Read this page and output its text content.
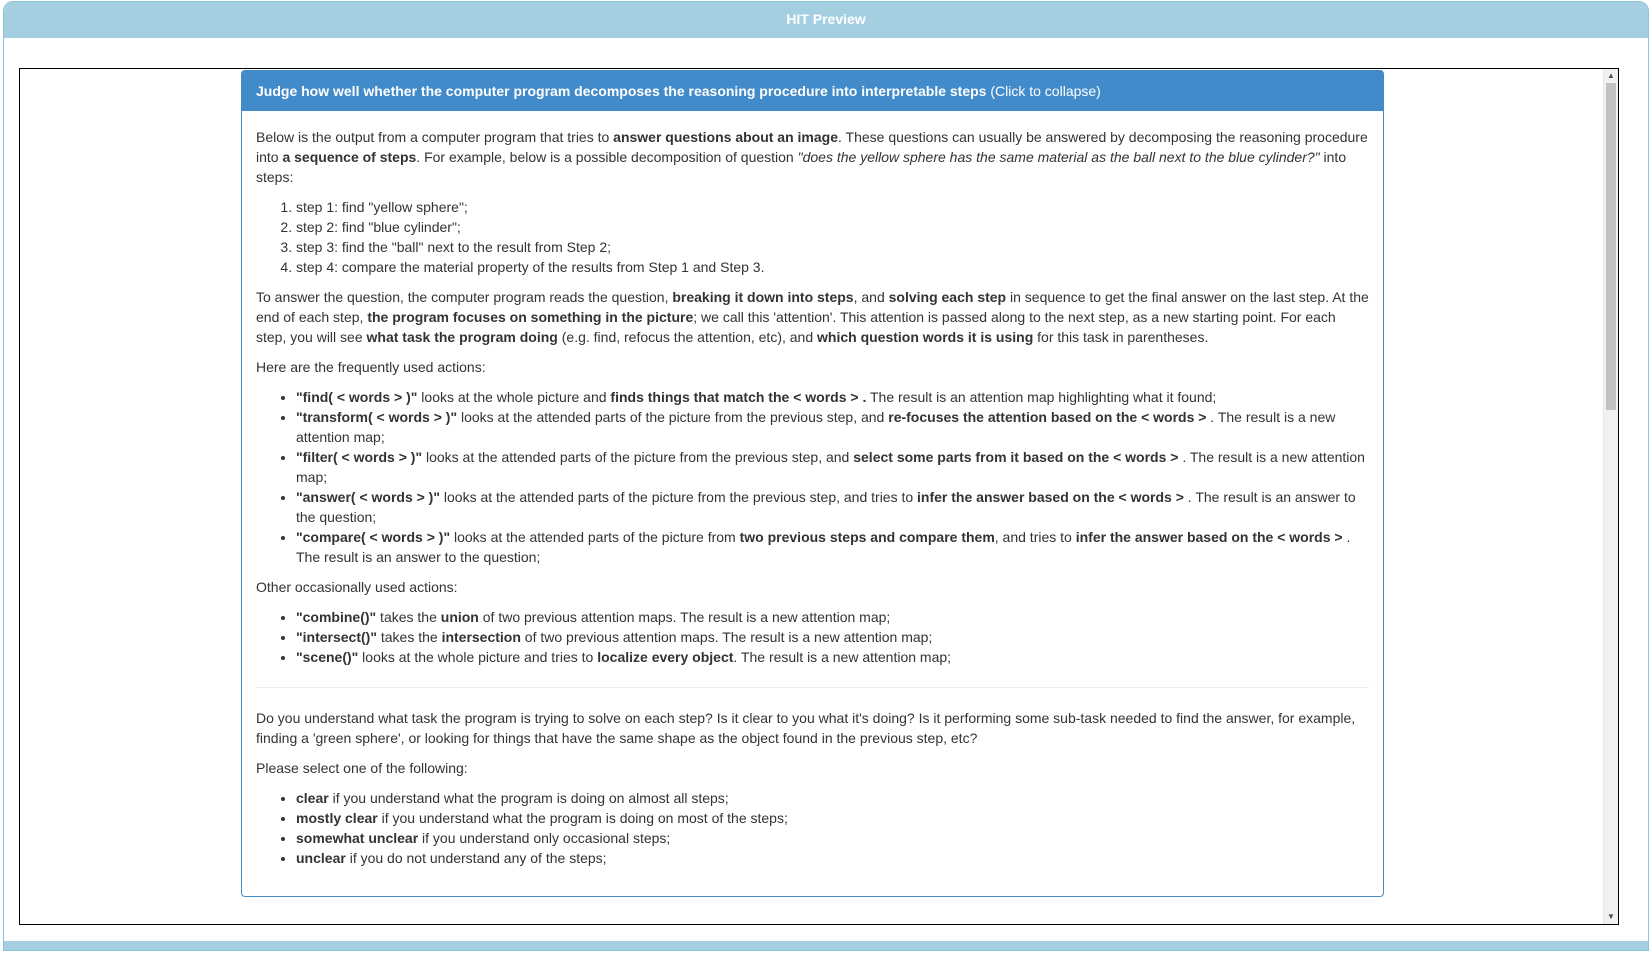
HIT Preview
Judge how well whether the computer program decomposes the reasoning procedure into interpretable steps (Click to collapse)

Below is the output from a computer program that tries to answer questions about an image. These questions can usually be answered by decomposing the reasoning procedure into a sequence of steps. For example, below is a possible decomposition of question "does the yellow sphere has the same material as the ball next to the blue cylinder?" into steps:

1. step 1: find "yellow sphere";
2. step 2: find "blue cylinder";
3. step 3: find the "ball" next to the result from Step 2;
4. step 4: compare the material property of the results from Step 1 and Step 3.

To answer the question, the computer program reads the question, breaking it down into steps, and solving each step in sequence to get the final answer on the last step. At the end of each step, the program focuses on something in the picture; we call this 'attention'. This attention is passed along to the next step, as a new starting point. For each step, you will see what task the program doing (e.g. find, refocus the attention, etc), and which question words it is using for this task in parentheses.

Here are the frequently used actions:

• "find( < words > )" looks at the whole picture and finds things that match the < words > . The result is an attention map highlighting what it found;
• "transform( < words > )" looks at the attended parts of the picture from the previous step, and re-focuses the attention based on the < words > . The result is a new attention map;
• "filter( < words > )" looks at the attended parts of the picture from the previous step, and select some parts from it based on the < words > . The result is a new attention map;
• "answer( < words > )" looks at the attended parts of the picture from the previous step, and tries to infer the answer based on the < words > . The result is an answer to the question;
• "compare( < words > )" looks at the attended parts of the picture from two previous steps and compare them, and tries to infer the answer based on the < words > . The result is an answer to the question;

Other occasionally used actions:

• "combine()" takes the union of two previous attention maps. The result is a new attention map;
• "intersect()" takes the intersection of two previous attention maps. The result is a new attention map;
• "scene()" looks at the whole picture and tries to localize every object. The result is a new attention map;

Do you understand what task the program is trying to solve on each step? Is it clear to you what it's doing? Is it performing some sub-task needed to find the answer, for example, finding a 'green sphere', or looking for things that have the same shape as the object found in the previous step, etc?

Please select one of the following:

• clear if you understand what the program is doing on almost all steps;
• mostly clear if you understand what the program is doing on most of the steps;
• somewhat unclear if you understand only occasional steps;
• unclear if you do not understand any of the steps;
▲
▼
